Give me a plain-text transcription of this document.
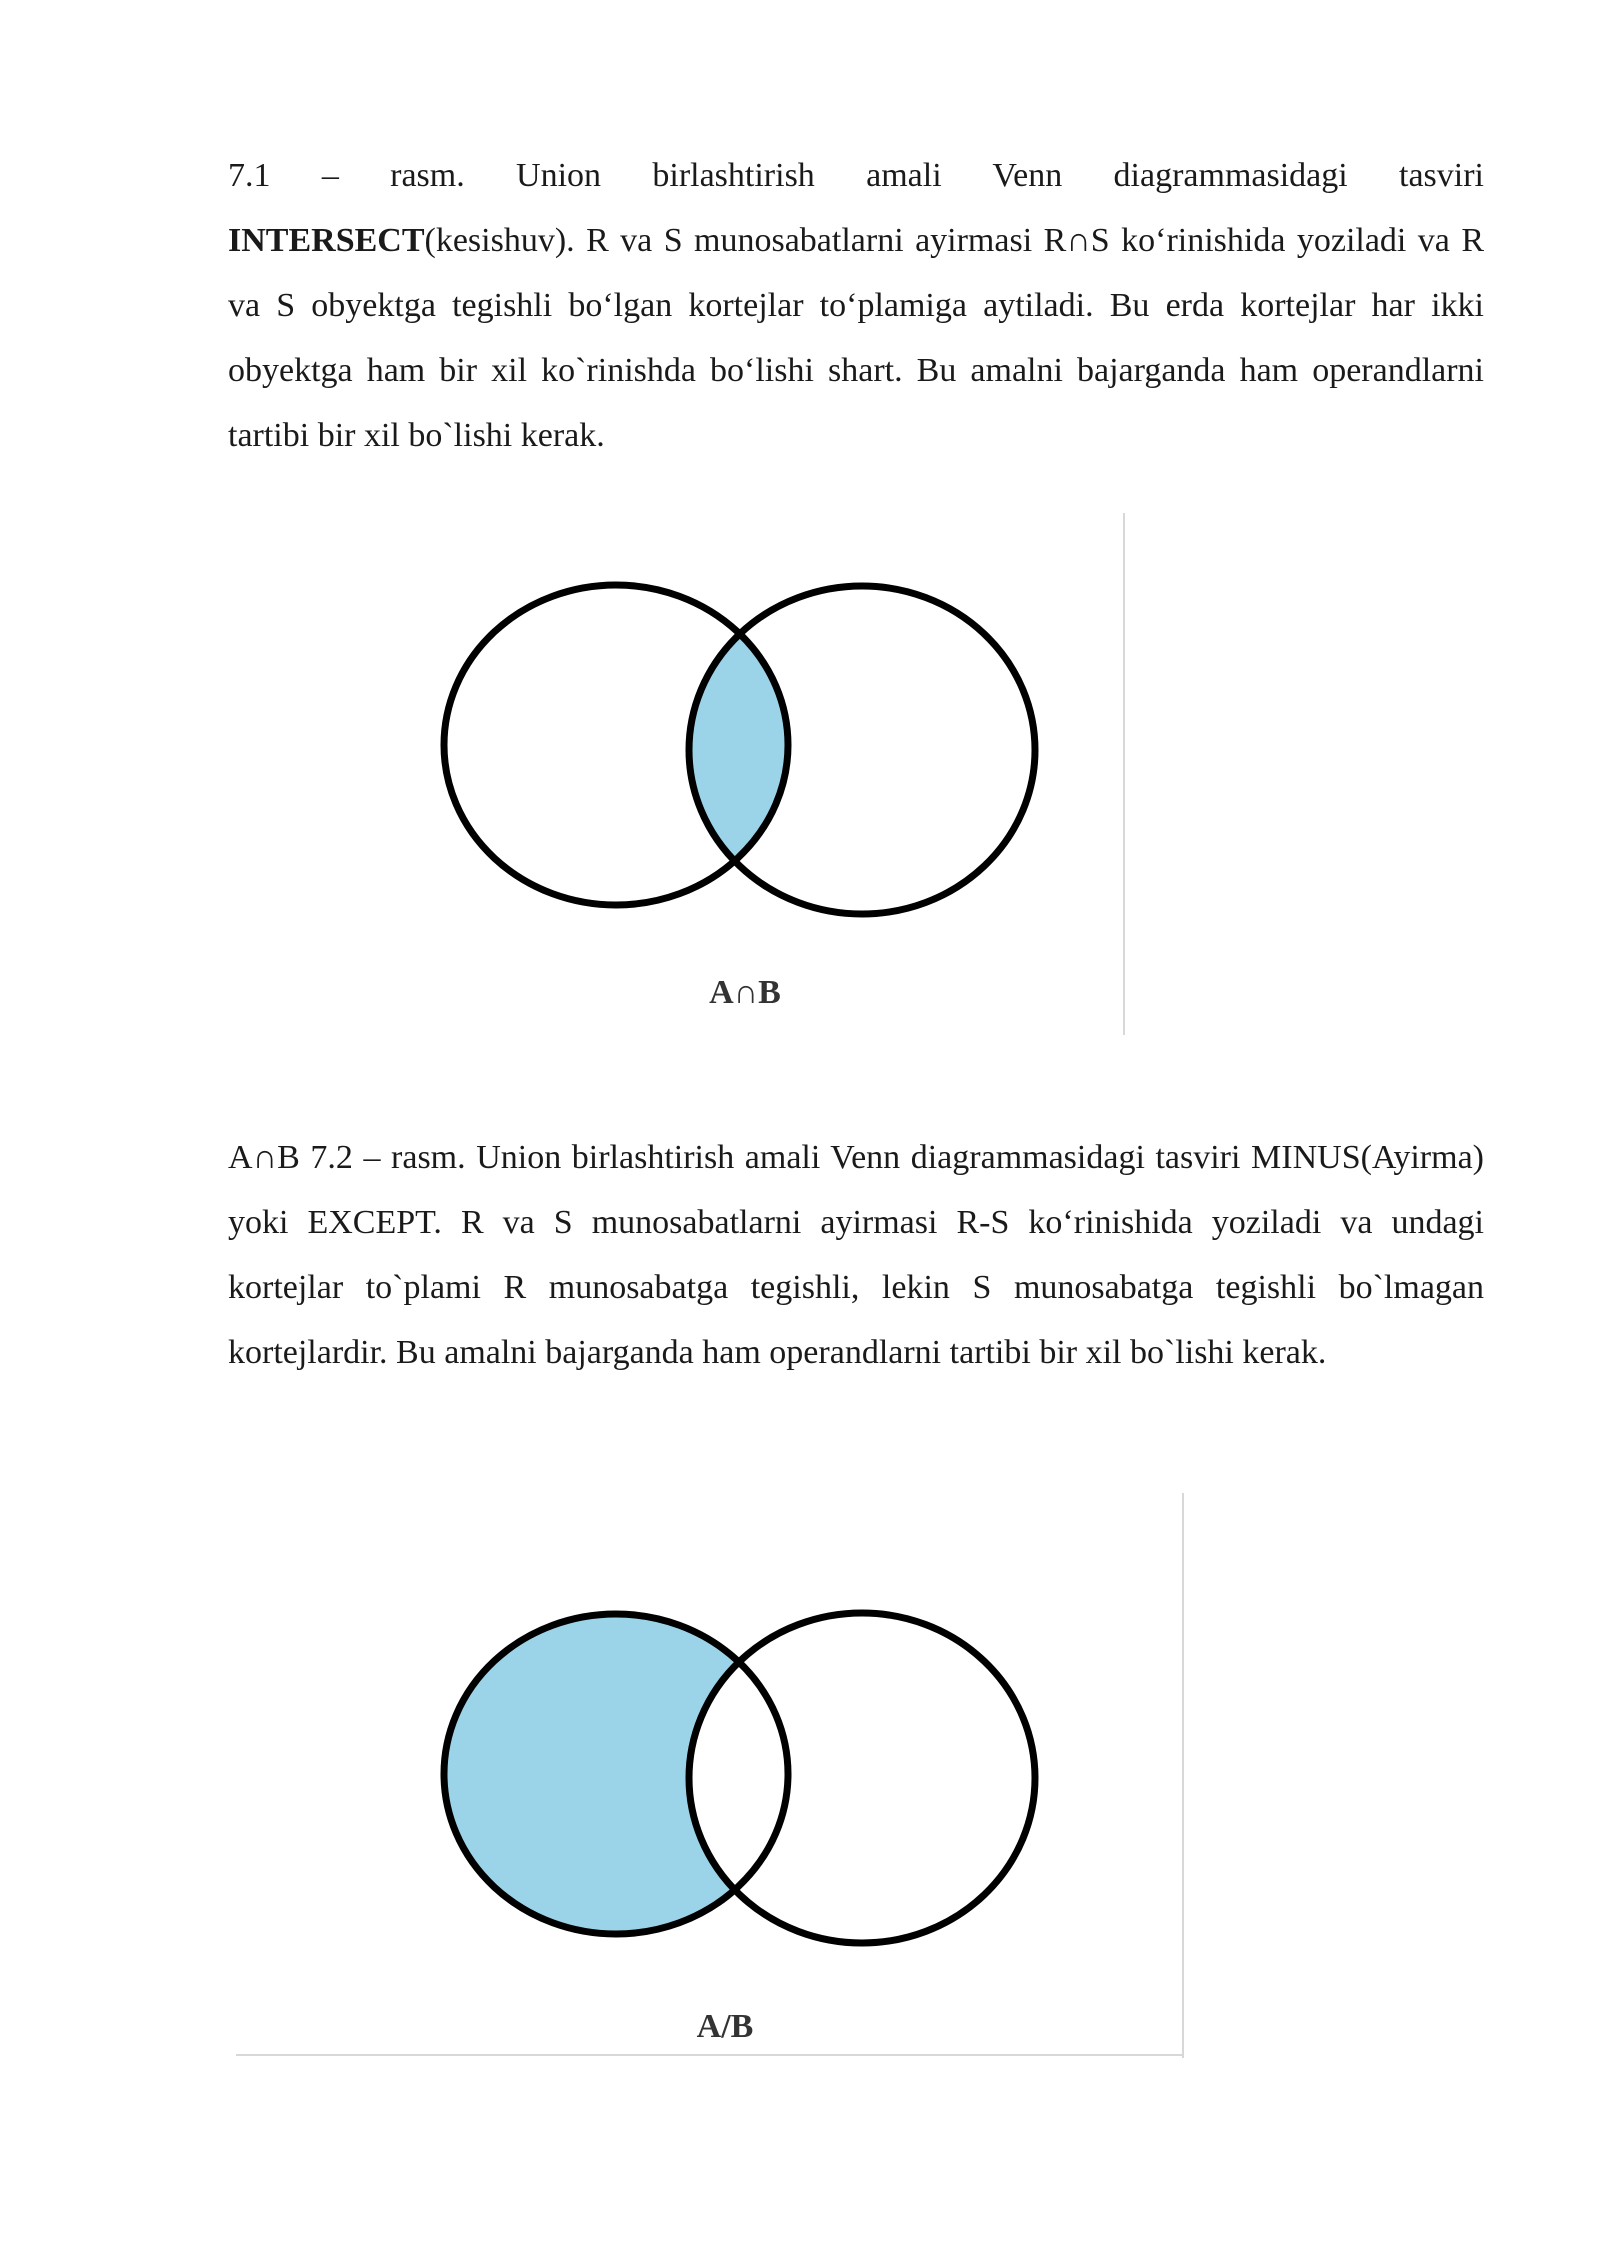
7.1 – rasm. Union birlashtirish amali Venn diagrammasidagi tasviri INTERSECT(kesishuv). R va S munosabatlarni ayirmasi R∩S ko‘rinishida yoziladi va R va S obyektga tegishli bo‘lgan kortejlar to‘plamiga aytiladi. Bu erda kortejlar har ikki obyektga ham bir xil ko`rinishda bo‘lishi shart. Bu amalni bajarganda ham operandlarni tartibi bir xil bo`lishi kerak.
A∩B
A∩B 7.2 – rasm. Union birlashtirish amali Venn diagrammasidagi tasviri MINUS(Ayirma) yoki EXCEPT. R va S munosabatlarni ayirmasi R-S ko‘rinishida yoziladi va undagi kortejlar to`plami R munosabatga tegishli, lekin S munosabatga tegishli bo`lmagan kortejlardir. Bu amalni bajarganda ham operandlarni tartibi bir xil bo`lishi kerak.
A/B
